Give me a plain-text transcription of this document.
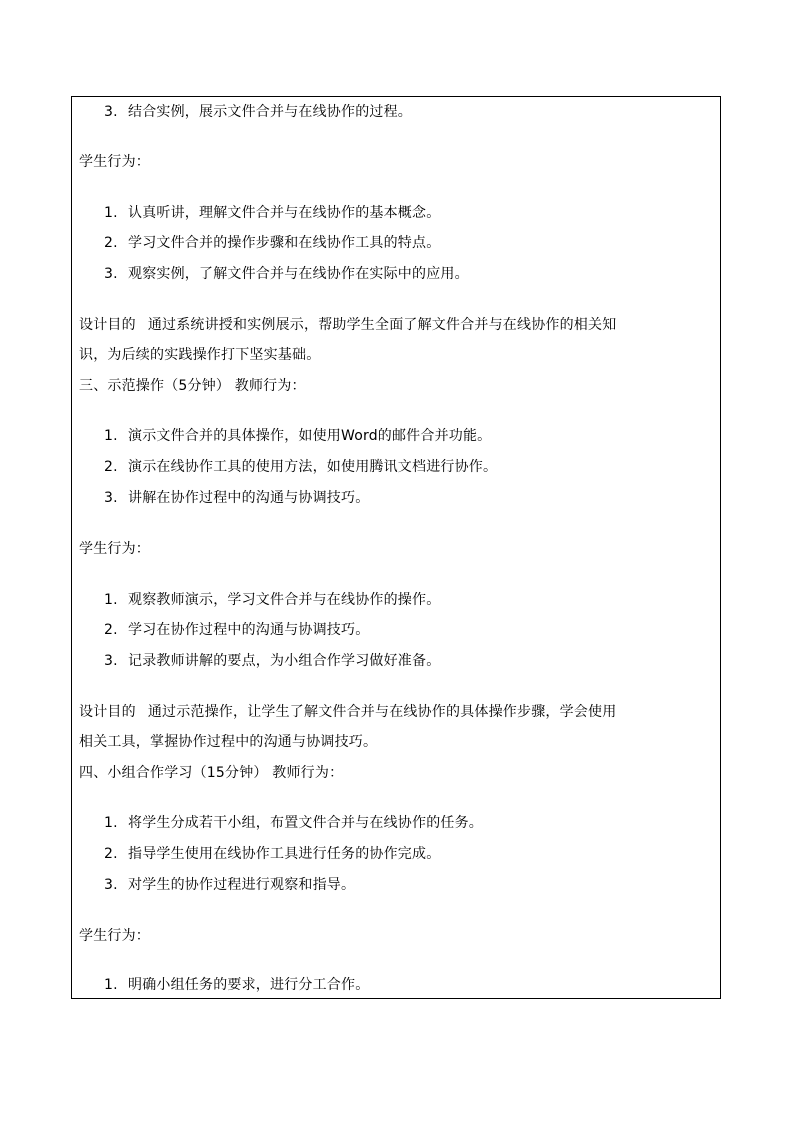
3. 结合实例，展示文件合并与在线协作的过程。
学生行为：
1. 认真听讲，理解文件合并与在线协作的基本概念。
2. 学习文件合并的操作步骤和在线协作工具的特点。
3. 观察实例，了解文件合并与在线协作在实际中的应用。
设计目的 通过系统讲授和实例展示，帮助学生全面了解文件合并与在线协作的相关知
识，为后续的实践操作打下坚实基础。
三、示范操作（5分钟） 教师行为：
1. 演示文件合并的具体操作，如使用Word的邮件合并功能。
2. 演示在线协作工具的使用方法，如使用腾讯文档进行协作。
3. 讲解在协作过程中的沟通与协调技巧。
学生行为：
1. 观察教师演示，学习文件合并与在线协作的操作。
2. 学习在协作过程中的沟通与协调技巧。
3. 记录教师讲解的要点，为小组合作学习做好准备。
设计目的 通过示范操作，让学生了解文件合并与在线协作的具体操作步骤，学会使用
相关工具，掌握协作过程中的沟通与协调技巧。
四、小组合作学习（15分钟） 教师行为：
1. 将学生分成若干小组，布置文件合并与在线协作的任务。
2. 指导学生使用在线协作工具进行任务的协作完成。
3. 对学生的协作过程进行观察和指导。
学生行为：
1. 明确小组任务的要求，进行分工合作。
